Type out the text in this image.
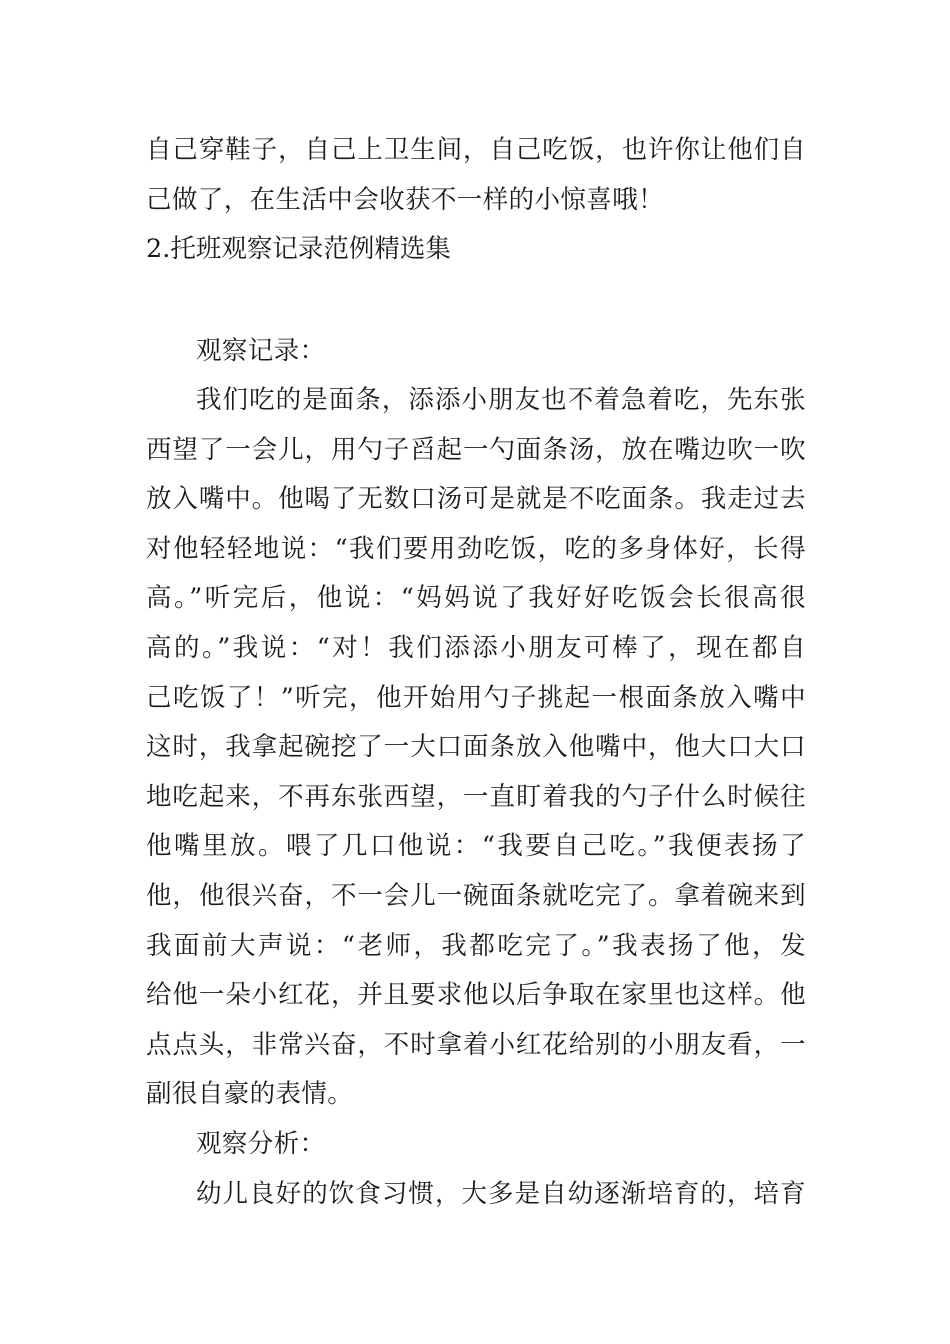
自己穿鞋子，自己上卫生间，自己吃饭，也许你让他们自
己做了，在生活中会收获不一样的小惊喜哦！
2.托班观察记录范例精选集
观察记录：
我们吃的是面条，添添小朋友也不着急着吃，先东张
西望了一会儿，用勺子舀起一勺面条汤，放在嘴边吹一吹
放入嘴中。他喝了无数口汤可是就是不吃面条。我走过去
对他轻轻地说：“我们要用劲吃饭，吃的多身体好，长得
高。”听完后，他说：“妈妈说了我好好吃饭会长很高很
高的。”我说：“对！我们添添小朋友可棒了，现在都自
己吃饭了！”听完，他开始用勺子挑起一根面条放入嘴中
这时，我拿起碗挖了一大口面条放入他嘴中，他大口大口
地吃起来，不再东张西望，一直盯着我的勺子什么时候往
他嘴里放。喂了几口他说：“我要自己吃。”我便表扬了
他，他很兴奋，不一会儿一碗面条就吃完了。拿着碗来到
我面前大声说：“老师，我都吃完了。”我表扬了他，发
给他一朵小红花，并且要求他以后争取在家里也这样。他
点点头，非常兴奋，不时拿着小红花给别的小朋友看，一
副很自豪的表情。
观察分析：
幼儿良好的饮食习惯，大多是自幼逐渐培育的，培育
